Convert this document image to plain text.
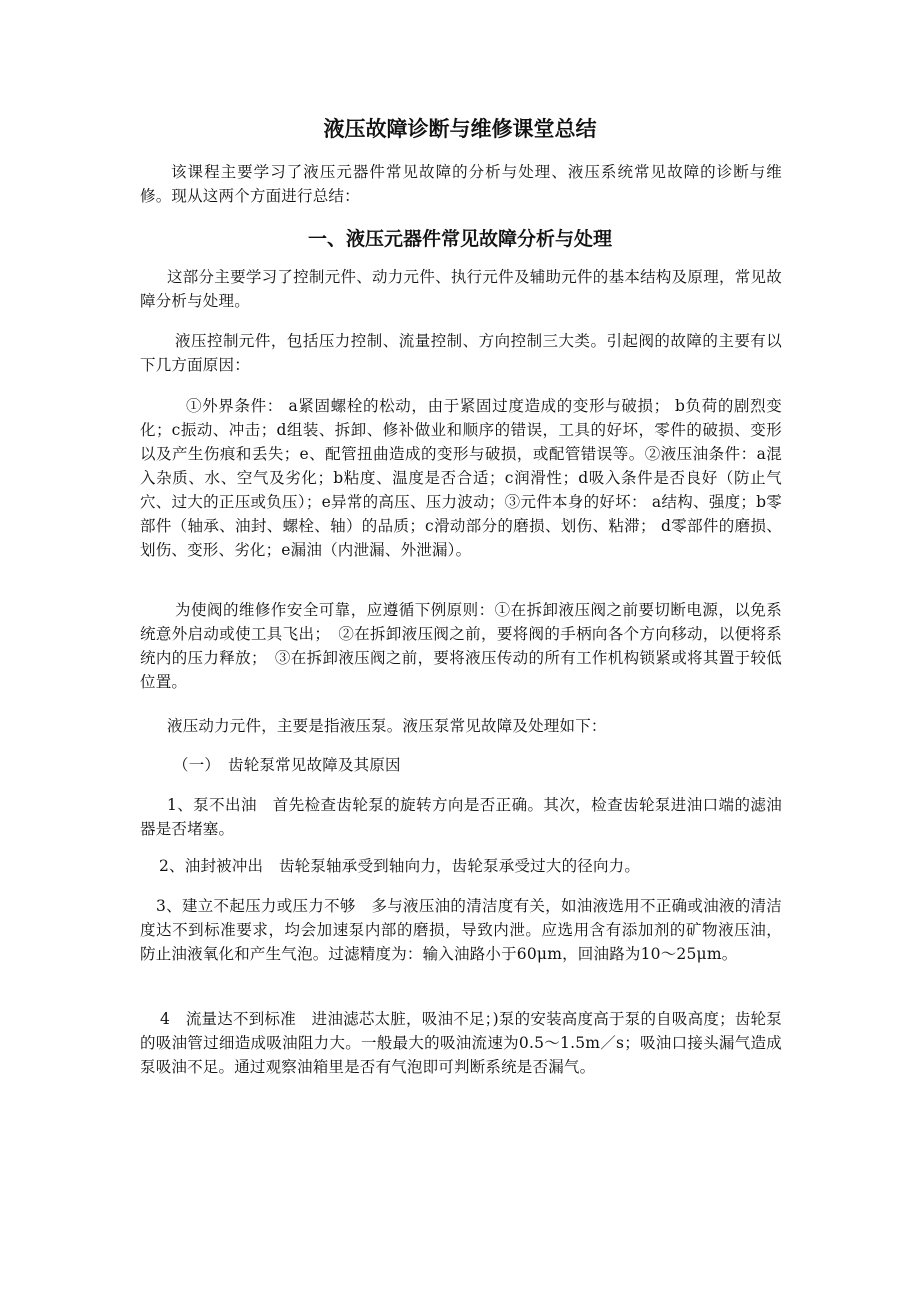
液压故障诊断与维修课堂总结

该课程主要学习了液压元器件常见故障的分析与处理、液压系统常见故障的诊断与维修。现从这两个方面进行总结：

一、液压元器件常见故障分析与处理

这部分主要学习了控制元件、动力元件、执行元件及辅助元件的基本结构及原理，常见故障分析与处理。

液压控制元件，包括压力控制、流量控制、方向控制三大类。引起阀的故障的主要有以下几方面原因：

①外界条件： a紧固螺栓的松动，由于紧固过度造成的变形与破损； b负荷的剧烈变化；c振动、冲击；d组装、拆卸、修补做业和顺序的错误，工具的好坏，零件的破损、变形以及产生伤痕和丢失；e、配管扭曲造成的变形与破损，或配管错误等。②液压油条件：a混入杂质、水、空气及劣化；b粘度、温度是否合适；c润滑性；d吸入条件是否良好（防止气穴、过大的正压或负压）；e异常的高压、压力波动；③元件本身的好坏： a结构、强度；b零部件（轴承、油封、螺栓、轴）的品质；c滑动部分的磨损、划伤、粘滞； d零部件的磨损、划伤、变形、劣化；e漏油（内泄漏、外泄漏）。

为使阀的维修作安全可靠，应遵循下例原则：①在拆卸液压阀之前要切断电源，以免系统意外启动或使工具飞出；　②在拆卸液压阀之前，要将阀的手柄向各个方向移动，以便将系统内的压力释放；　③在拆卸液压阀之前，要将液压传动的所有工作机构锁紧或将其置于较低位置。

液压动力元件，主要是指液压泵。液压泵常见故障及处理如下：

（一）　齿轮泵常见故障及其原因

1、泵不出油　首先检查齿轮泵的旋转方向是否正确。其次，检查齿轮泵进油口端的滤油器是否堵塞。

2、油封被冲出　齿轮泵轴承受到轴向力，齿轮泵承受过大的径向力。

3、建立不起压力或压力不够　多与液压油的清洁度有关，如油液选用不正确或油液的清洁度达不到标准要求，均会加速泵内部的磨损，导致内泄。应选用含有添加剂的矿物液压油，防止油液氧化和产生气泡。过滤精度为：输入油路小于60μm，回油路为10～25μm。

4　流量达不到标准　进油滤芯太脏，吸油不足；)泵的安装高度高于泵的自吸高度；齿轮泵的吸油管过细造成吸油阻力大。一般最大的吸油流速为0.5～1.5m／s；吸油口接头漏气造成泵吸油不足。通过观察油箱里是否有气泡即可判断系统是否漏气。
